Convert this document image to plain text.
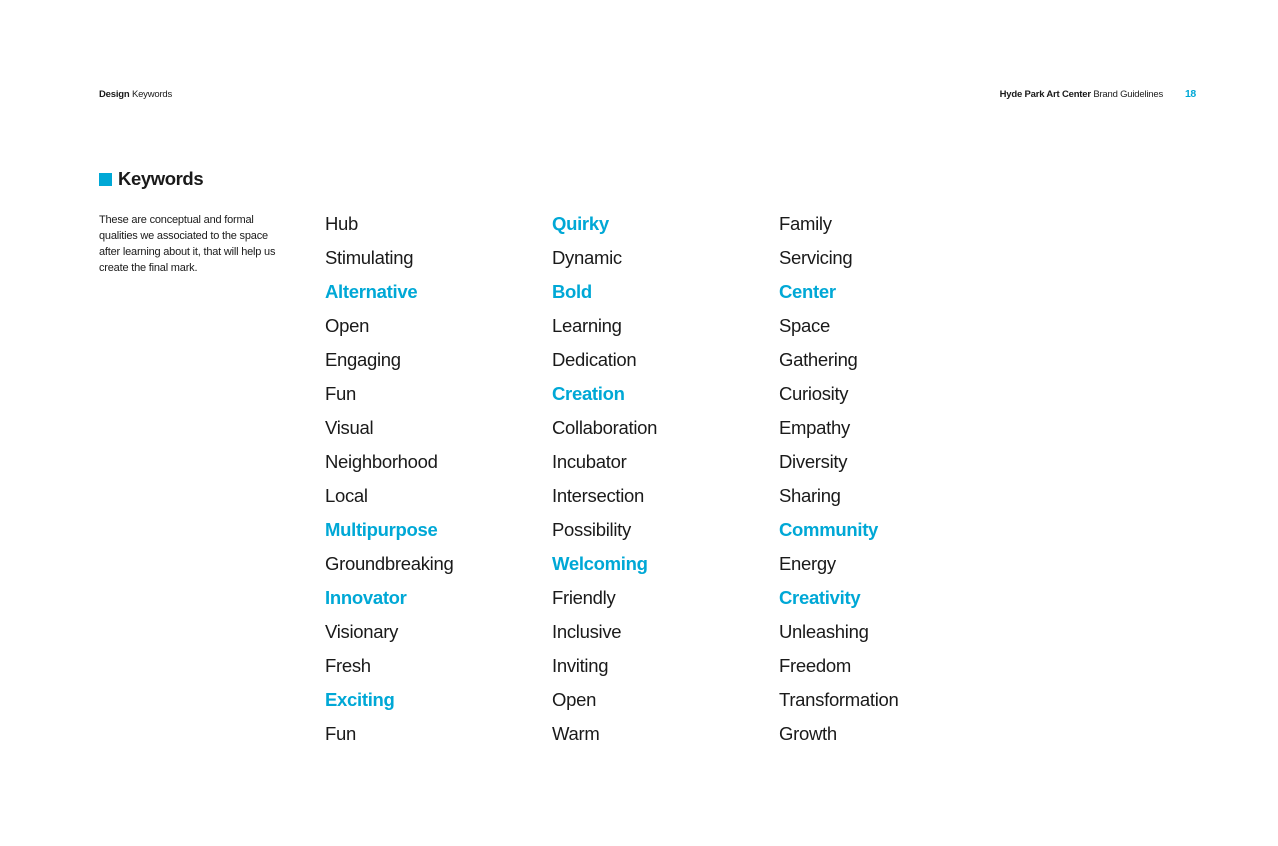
Design Keywords	Hyde Park Art Center Brand Guidelines 18
Keywords
These are conceptual and formal qualities we associated to the space after learning about it, that will help us create the final mark.
Hub
Stimulating
Alternative
Open
Engaging
Fun
Visual
Neighborhood
Local
Multipurpose
Groundbreaking
Innovator
Visionary
Fresh
Exciting
Fun
Quirky
Dynamic
Bold
Learning
Dedication
Creation
Collaboration
Incubator
Intersection
Possibility
Welcoming
Friendly
Inclusive
Inviting
Open
Warm
Family
Servicing
Center
Space
Gathering
Curiosity
Empathy
Diversity
Sharing
Community
Energy
Creativity
Unleashing
Freedom
Transformation
Growth
